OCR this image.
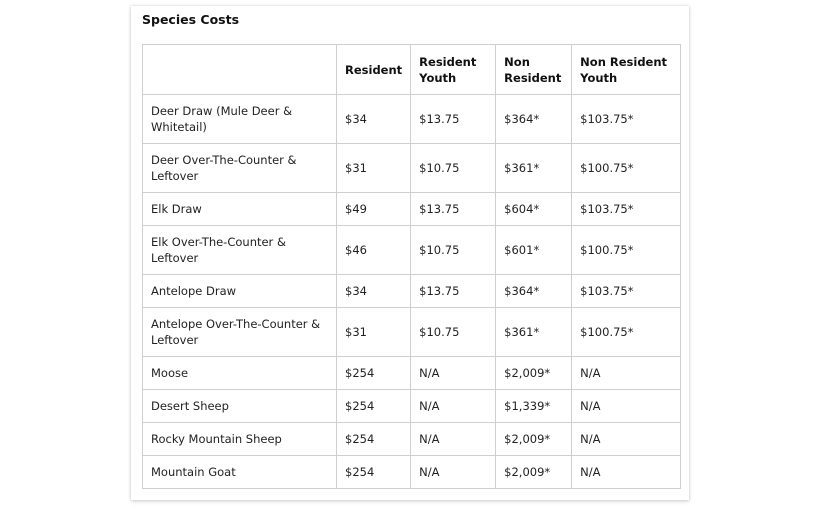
Species Costs
	Resident	Resident Youth	Non Resident	Non Resident Youth
Deer Draw (Mule Deer & Whitetail)	$34	$13.75	$364*	$103.75*
Deer Over-The-Counter & Leftover	$31	$10.75	$361*	$100.75*
Elk Draw	$49	$13.75	$604*	$103.75*
Elk Over-The-Counter & Leftover	$46	$10.75	$601*	$100.75*
Antelope Draw	$34	$13.75	$364*	$103.75*
Antelope Over-The-Counter & Leftover	$31	$10.75	$361*	$100.75*
Moose	$254	N/A	$2,009*	N/A
Desert Sheep	$254	N/A	$1,339*	N/A
Rocky Mountain Sheep	$254	N/A	$2,009*	N/A
Mountain Goat	$254	N/A	$2,009*	N/A
